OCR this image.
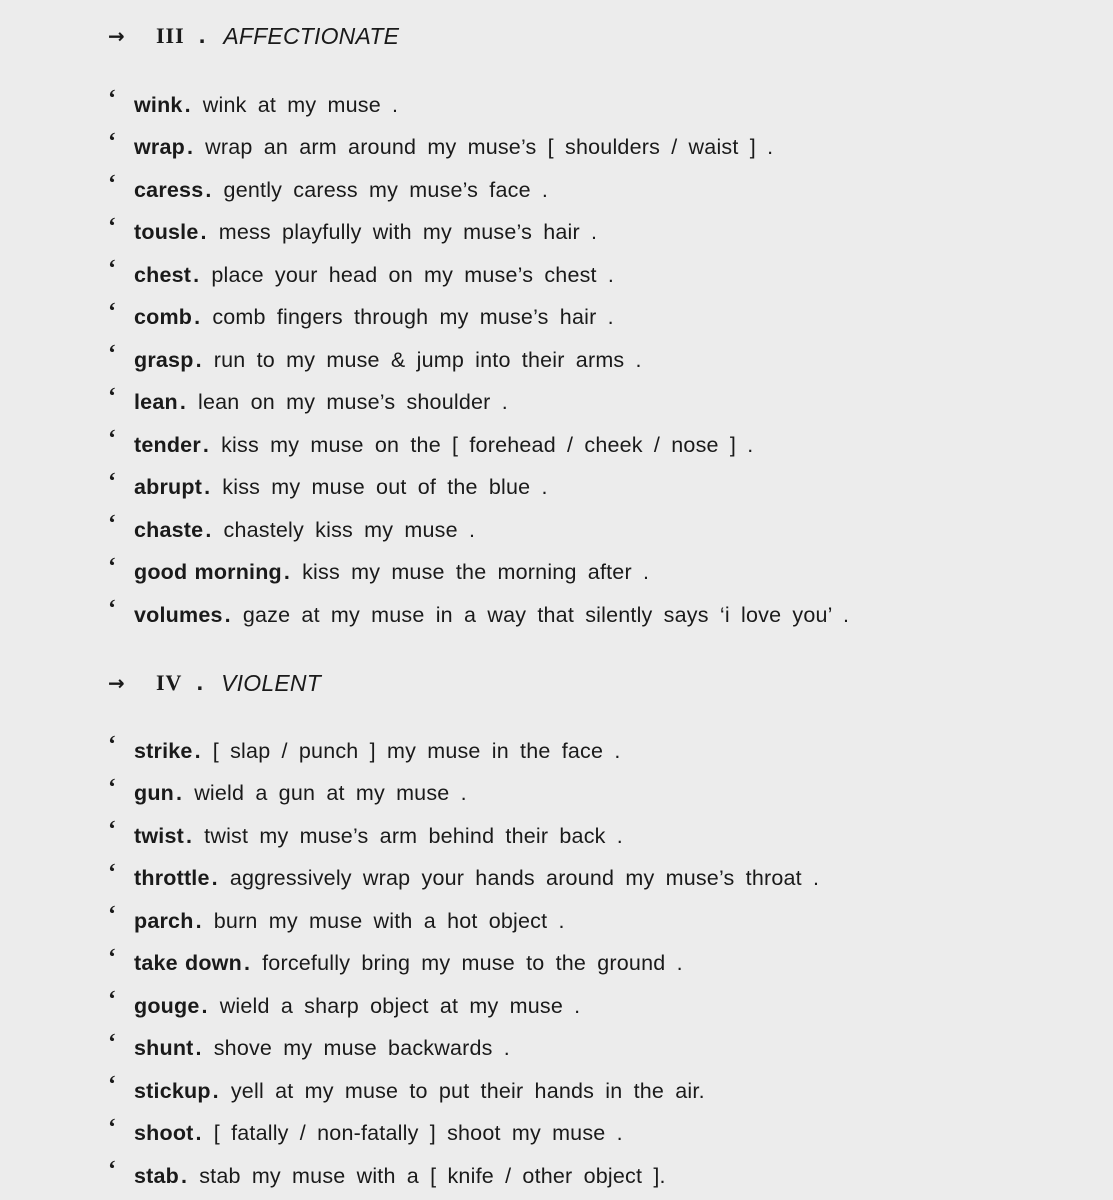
→	III . AFFECTIONATE
‘ wink . wink at my muse .
‘ wrap . wrap an arm around my muse’s [ shoulders / waist ] .
‘ caress . gently caress my muse’s face .
‘ tousle . mess playfully with my muse’s hair .
‘ chest . place your head on my muse’s chest .
‘ comb . comb fingers through my muse’s hair .
‘ grasp . run to my muse & jump into their arms .
‘ lean . lean on my muse’s shoulder .
‘ tender . kiss my muse on the [ forehead / cheek / nose ] .
‘ abrupt . kiss my muse out of the blue .
‘ chaste . chastely kiss my muse .
‘ good morning . kiss my muse the morning after .
‘ volumes . gaze at my muse in a way that silently says ‘i love you’ .
→	IV . VIOLENT
‘ strike . [ slap / punch ] my muse in the face .
‘ gun . wield a gun at my muse .
‘ twist . twist my muse’s arm behind their back .
‘ throttle . aggressively wrap your hands around my muse’s throat .
‘ parch . burn my muse with a hot object .
‘ take down . forcefully bring my muse to the ground .
‘ gouge . wield a sharp object at my muse .
‘ shunt . shove my muse backwards .
‘ stickup . yell at my muse to put their hands in the air.
‘ shoot . [ fatally / non-fatally ] shoot my muse .
‘ stab . stab my muse with a [ knife / other object ].
